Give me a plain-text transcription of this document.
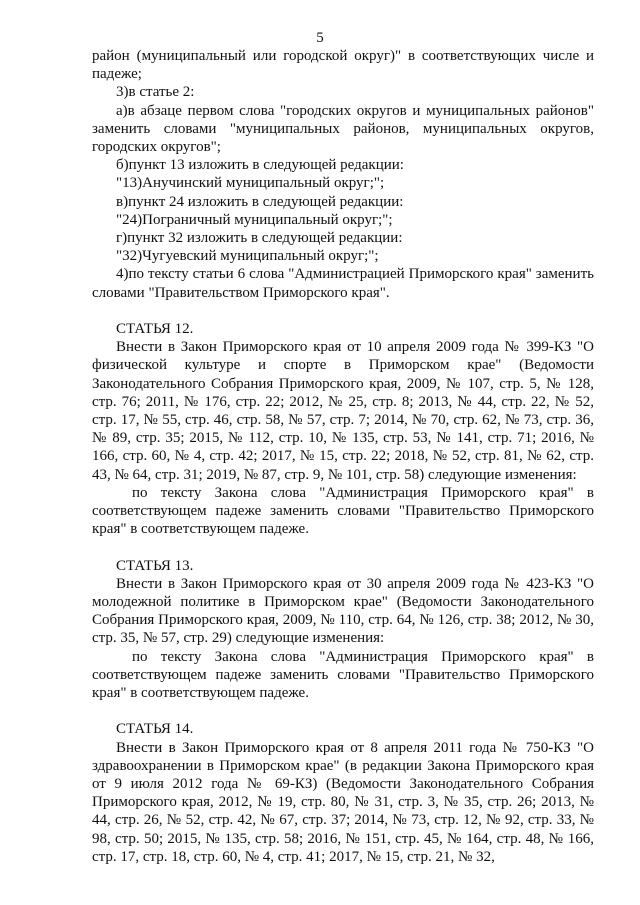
5

район (муниципальный или городской округ)" в соответствующих числе и падеже;

3)в статье 2:

а)в абзаце первом слова "городских округов и муниципальных районов" заменить словами "муниципальных районов, муниципальных округов, городских округов";

б)пункт 13 изложить в следующей редакции:

"13)Анучинский муниципальный округ;";

в)пункт 24 изложить в следующей редакции:

"24)Пограничный муниципальный округ;";

г)пункт 32 изложить в следующей редакции:

"32)Чугуевский муниципальный округ;";

4)по тексту статьи 6 слова "Администрацией Приморского края" заменить словами "Правительством Приморского края".

СТАТЬЯ 12.

Внести в Закон Приморского края от 10 апреля 2009 года № 399-КЗ "О физической культуре и спорте в Приморском крае" (Ведомости Законодательного Собрания Приморского края, 2009, № 107, стр. 5, № 128, стр. 76; 2011, № 176, стр. 22; 2012, № 25, стр. 8; 2013, № 44, стр. 22, № 52, стр. 17, № 55, стр. 46, стр. 58, № 57, стр. 7; 2014, № 70, стр. 62, № 73, стр. 36, № 89, стр. 35; 2015, № 112, стр. 10, № 135, стр. 53, № 141, стр. 71; 2016, № 166, стр. 60, № 4, стр. 42; 2017, № 15, стр. 22; 2018, № 52, стр. 81, № 62, стр. 43, № 64, стр. 31; 2019, № 87, стр. 9, № 101, стр. 58) следующие изменения:

по тексту Закона слова "Администрация Приморского края" в соответствующем падеже заменить словами "Правительство Приморского края" в соответствующем падеже.

СТАТЬЯ 13.

Внести в Закон Приморского края от 30 апреля 2009 года № 423-КЗ "О молодежной политике в Приморском крае" (Ведомости Законодательного Собрания Приморского края, 2009, № 110, стр. 64, № 126, стр. 38; 2012, № 30, стр. 35, № 57, стр. 29) следующие изменения:

по тексту Закона слова "Администрация Приморского края" в соответствующем падеже заменить словами "Правительство Приморского края" в соответствующем падеже.

СТАТЬЯ 14.

Внести в Закон Приморского края от 8 апреля 2011 года № 750-КЗ "О здравоохранении в Приморском крае" (в редакции Закона Приморского края от 9 июля 2012 года № 69-КЗ) (Ведомости Законодательного Собрания Приморского края, 2012, № 19, стр. 80, № 31, стр. 3, № 35, стр. 26; 2013, № 44, стр. 26, № 52, стр. 42, № 67, стр. 37; 2014, № 73, стр. 12, № 92, стр. 33, № 98, стр. 50; 2015, № 135, стр. 58; 2016, № 151, стр. 45, № 164, стр. 48, № 166, стр. 17, стр. 18, стр. 60, № 4, стр. 41; 2017, № 15, стр. 21, № 32,
